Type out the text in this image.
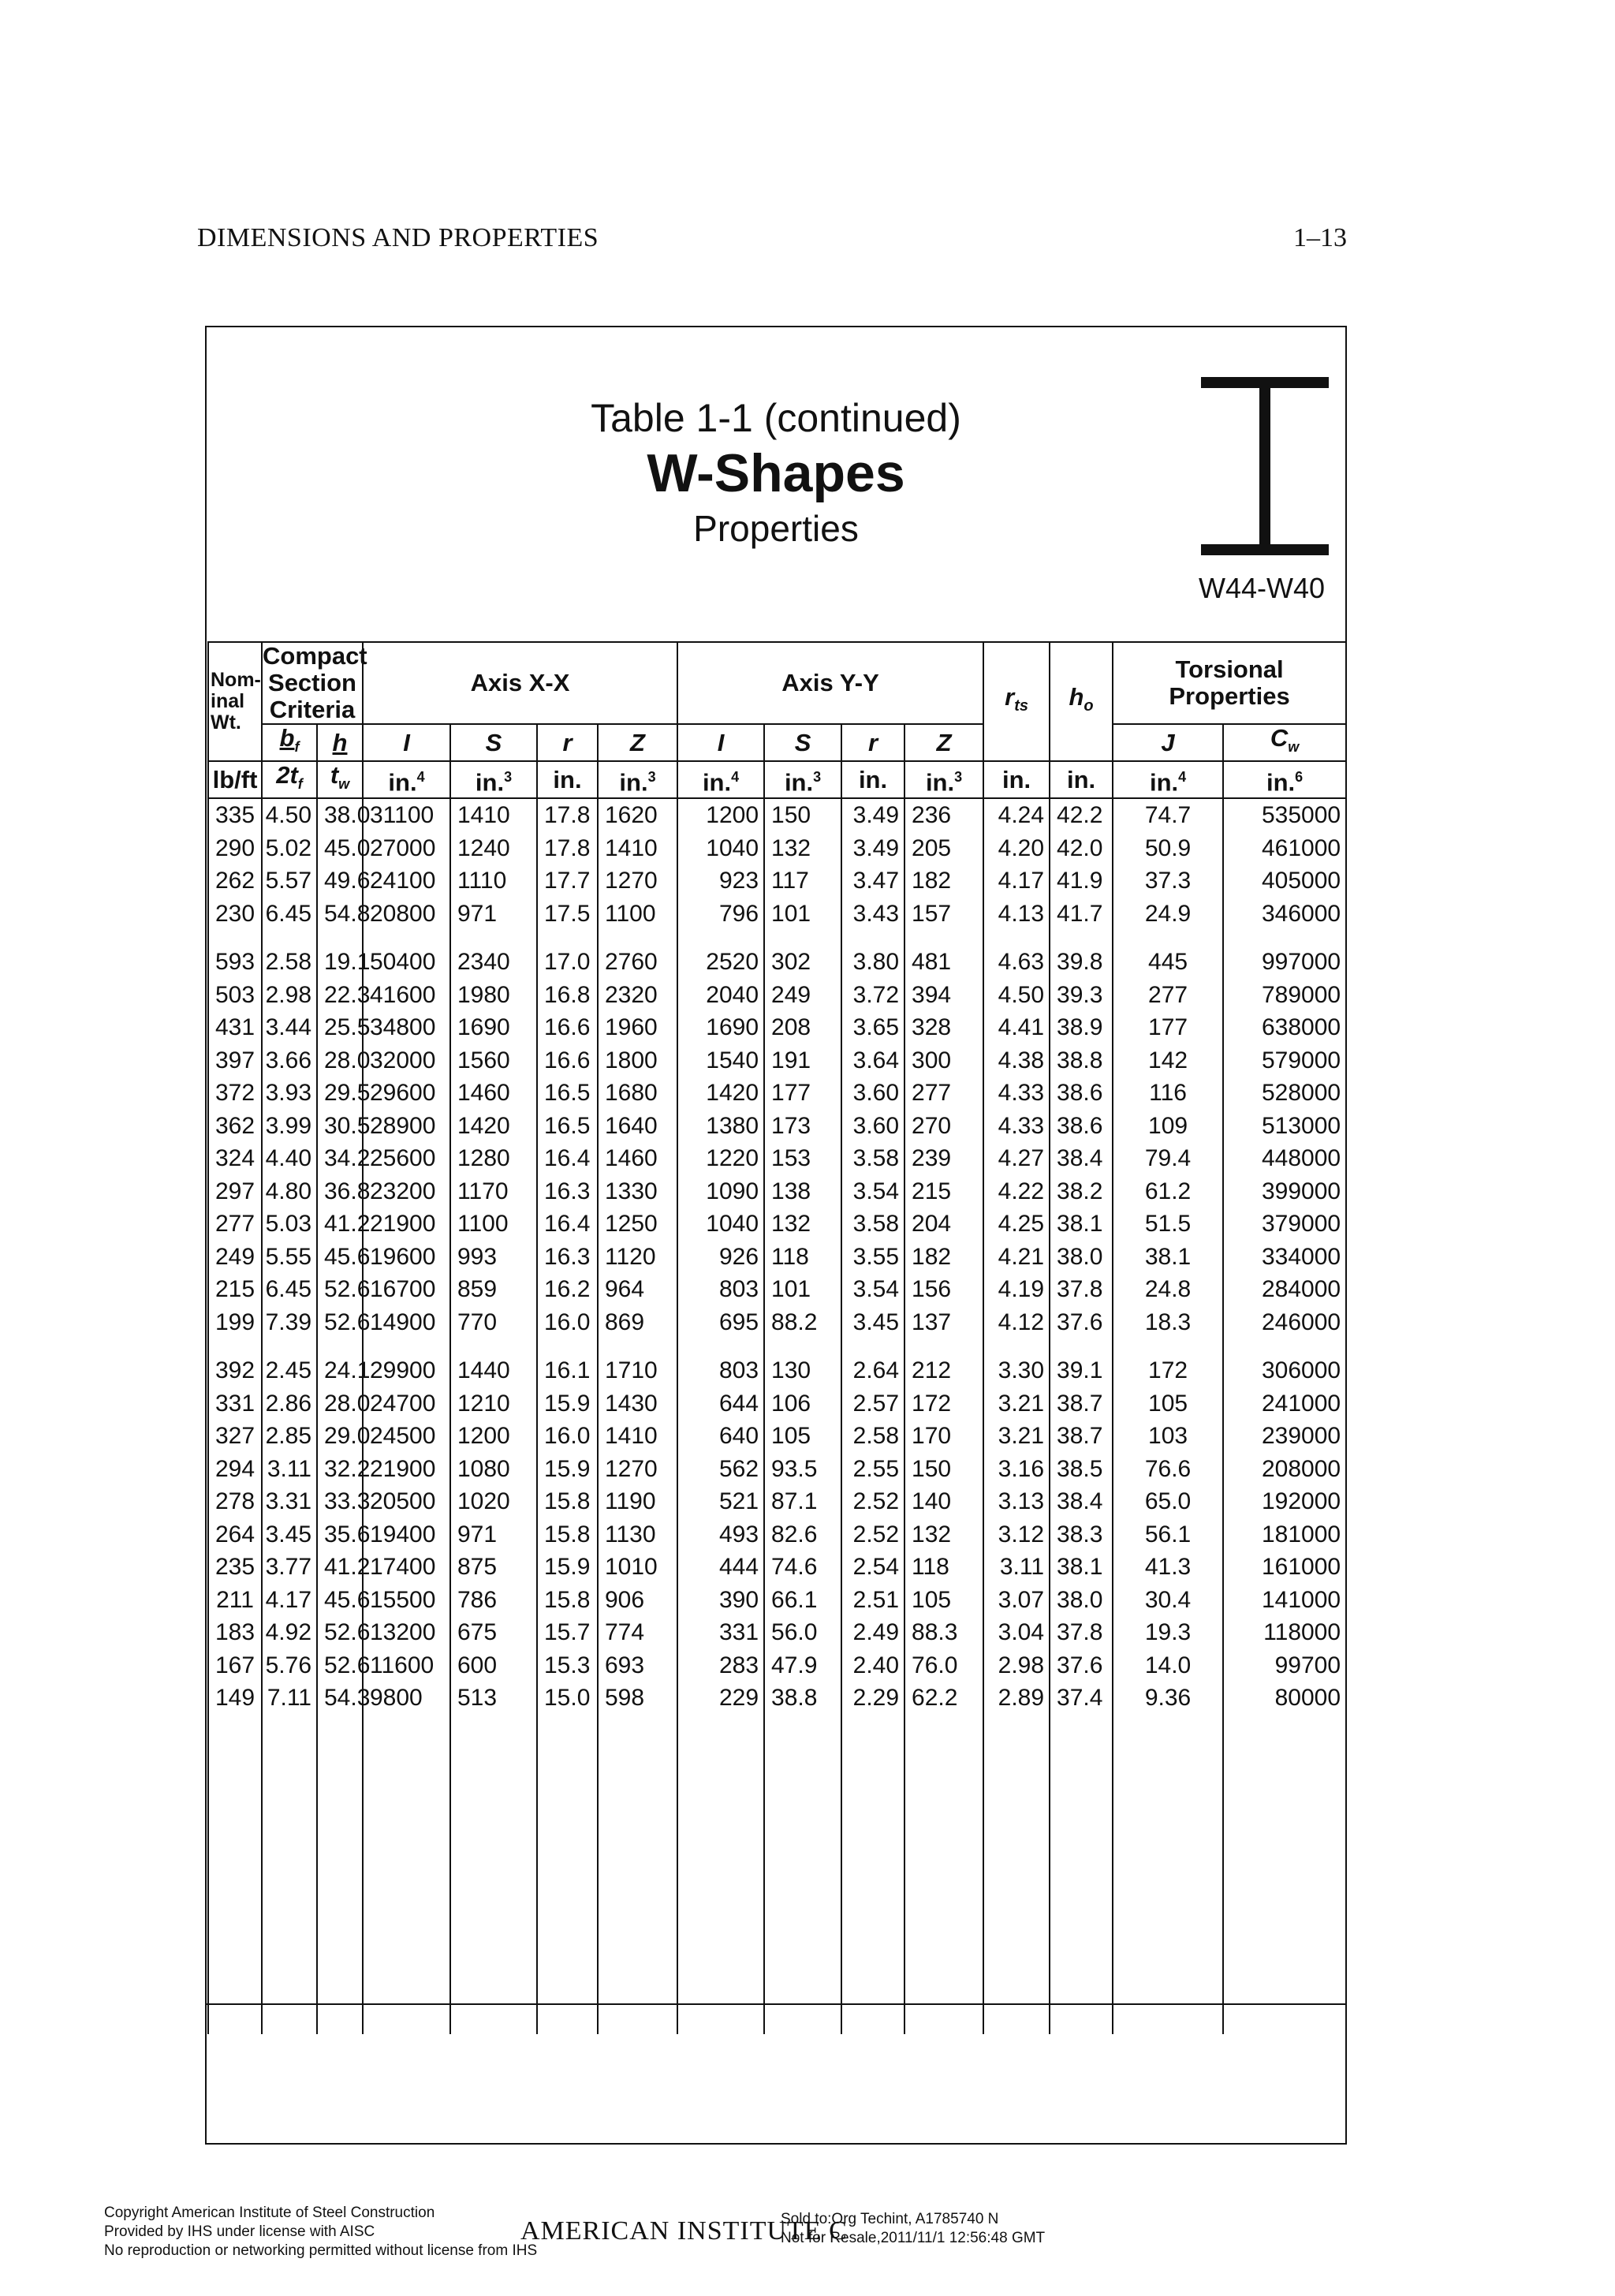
DIMENSIONS AND PROPERTIES	1–13
Table 1-1 (continued)
W-Shapes
Properties
W44-W40
Nom-
inal
Wt.	Compact Section Criteria		Axis X-X				Axis Y-Y				$r_{ts}$	$h_o$	Torsional Properties	
	$b_f$	h	I	S	r	Z	I	S	r	Z			J	$C_w$
lb/ft	$2t_f$	$t_w$	in.$^4$	in.$^3$	in.	in.$^3$	in.$^4$	in.$^3$	in.	in.$^3$	in.	in.	in.$^4$	in.$^6$
335	4.50	38.0	31100	1410	17.8	1620	1200	150	3.49	236	4.24	42.2	74.7	535000
290	5.02	45.0	27000	1240	17.8	1410	1040	132	3.49	205	4.20	42.0	50.9	461000
262	5.57	49.6	24100	1110	17.7	1270	923	117	3.47	182	4.17	41.9	37.3	405000
230	6.45	54.8	20800	971	17.5	1100	796	101	3.43	157	4.13	41.7	24.9	346000

593	2.58	19.1	50400	2340	17.0	2760	2520	302	3.80	481	4.63	39.8	445	997000
503	2.98	22.3	41600	1980	16.8	2320	2040	249	3.72	394	4.50	39.3	277	789000
431	3.44	25.5	34800	1690	16.6	1960	1690	208	3.65	328	4.41	38.9	177	638000
397	3.66	28.0	32000	1560	16.6	1800	1540	191	3.64	300	4.38	38.8	142	579000
372	3.93	29.5	29600	1460	16.5	1680	1420	177	3.60	277	4.33	38.6	116	528000
362	3.99	30.5	28900	1420	16.5	1640	1380	173	3.60	270	4.33	38.6	109	513000
324	4.40	34.2	25600	1280	16.4	1460	1220	153	3.58	239	4.27	38.4	79.4	448000
297	4.80	36.8	23200	1170	16.3	1330	1090	138	3.54	215	4.22	38.2	61.2	399000
277	5.03	41.2	21900	1100	16.4	1250	1040	132	3.58	204	4.25	38.1	51.5	379000
249	5.55	45.6	19600	993	16.3	1120	926	118	3.55	182	4.21	38.0	38.1	334000
215	6.45	52.6	16700	859	16.2	964	803	101	3.54	156	4.19	37.8	24.8	284000
199	7.39	52.6	14900	770	16.0	869	695	88.2	3.45	137	4.12	37.6	18.3	246000

392	2.45	24.1	29900	1440	16.1	1710	803	130	2.64	212	3.30	39.1	172	306000
331	2.86	28.0	24700	1210	15.9	1430	644	106	2.57	172	3.21	38.7	105	241000
327	2.85	29.0	24500	1200	16.0	1410	640	105	2.58	170	3.21	38.7	103	239000
294	3.11	32.2	21900	1080	15.9	1270	562	93.5	2.55	150	3.16	38.5	76.6	208000
278	3.31	33.3	20500	1020	15.8	1190	521	87.1	2.52	140	3.13	38.4	65.0	192000
264	3.45	35.6	19400	971	15.8	1130	493	82.6	2.52	132	3.12	38.3	56.1	181000
235	3.77	41.2	17400	875	15.9	1010	444	74.6	2.54	118	3.11	38.1	41.3	161000
211	4.17	45.6	15500	786	15.8	906	390	66.1	2.51	105	3.07	38.0	30.4	141000
183	4.92	52.6	13200	675	15.7	774	331	56.0	2.49	88.3	3.04	37.8	19.3	118000
167	5.76	52.6	11600	600	15.3	693	283	47.9	2.40	76.0	2.98	37.6	14.0	99700
149	7.11	54.3	9800	513	15.0	598	229	38.8	2.29	62.2	2.89	37.4	9.36	80000

Copyright American Institute of Steel Construction
Provided by IHS under license with AISC
No reproduction or networking permitted without license from IHS
AMERICAN INSTITUTE C
Sold to:Org Techint, A1785740 N
Not for Resale,2011/11/1 12:56:48 GMT
